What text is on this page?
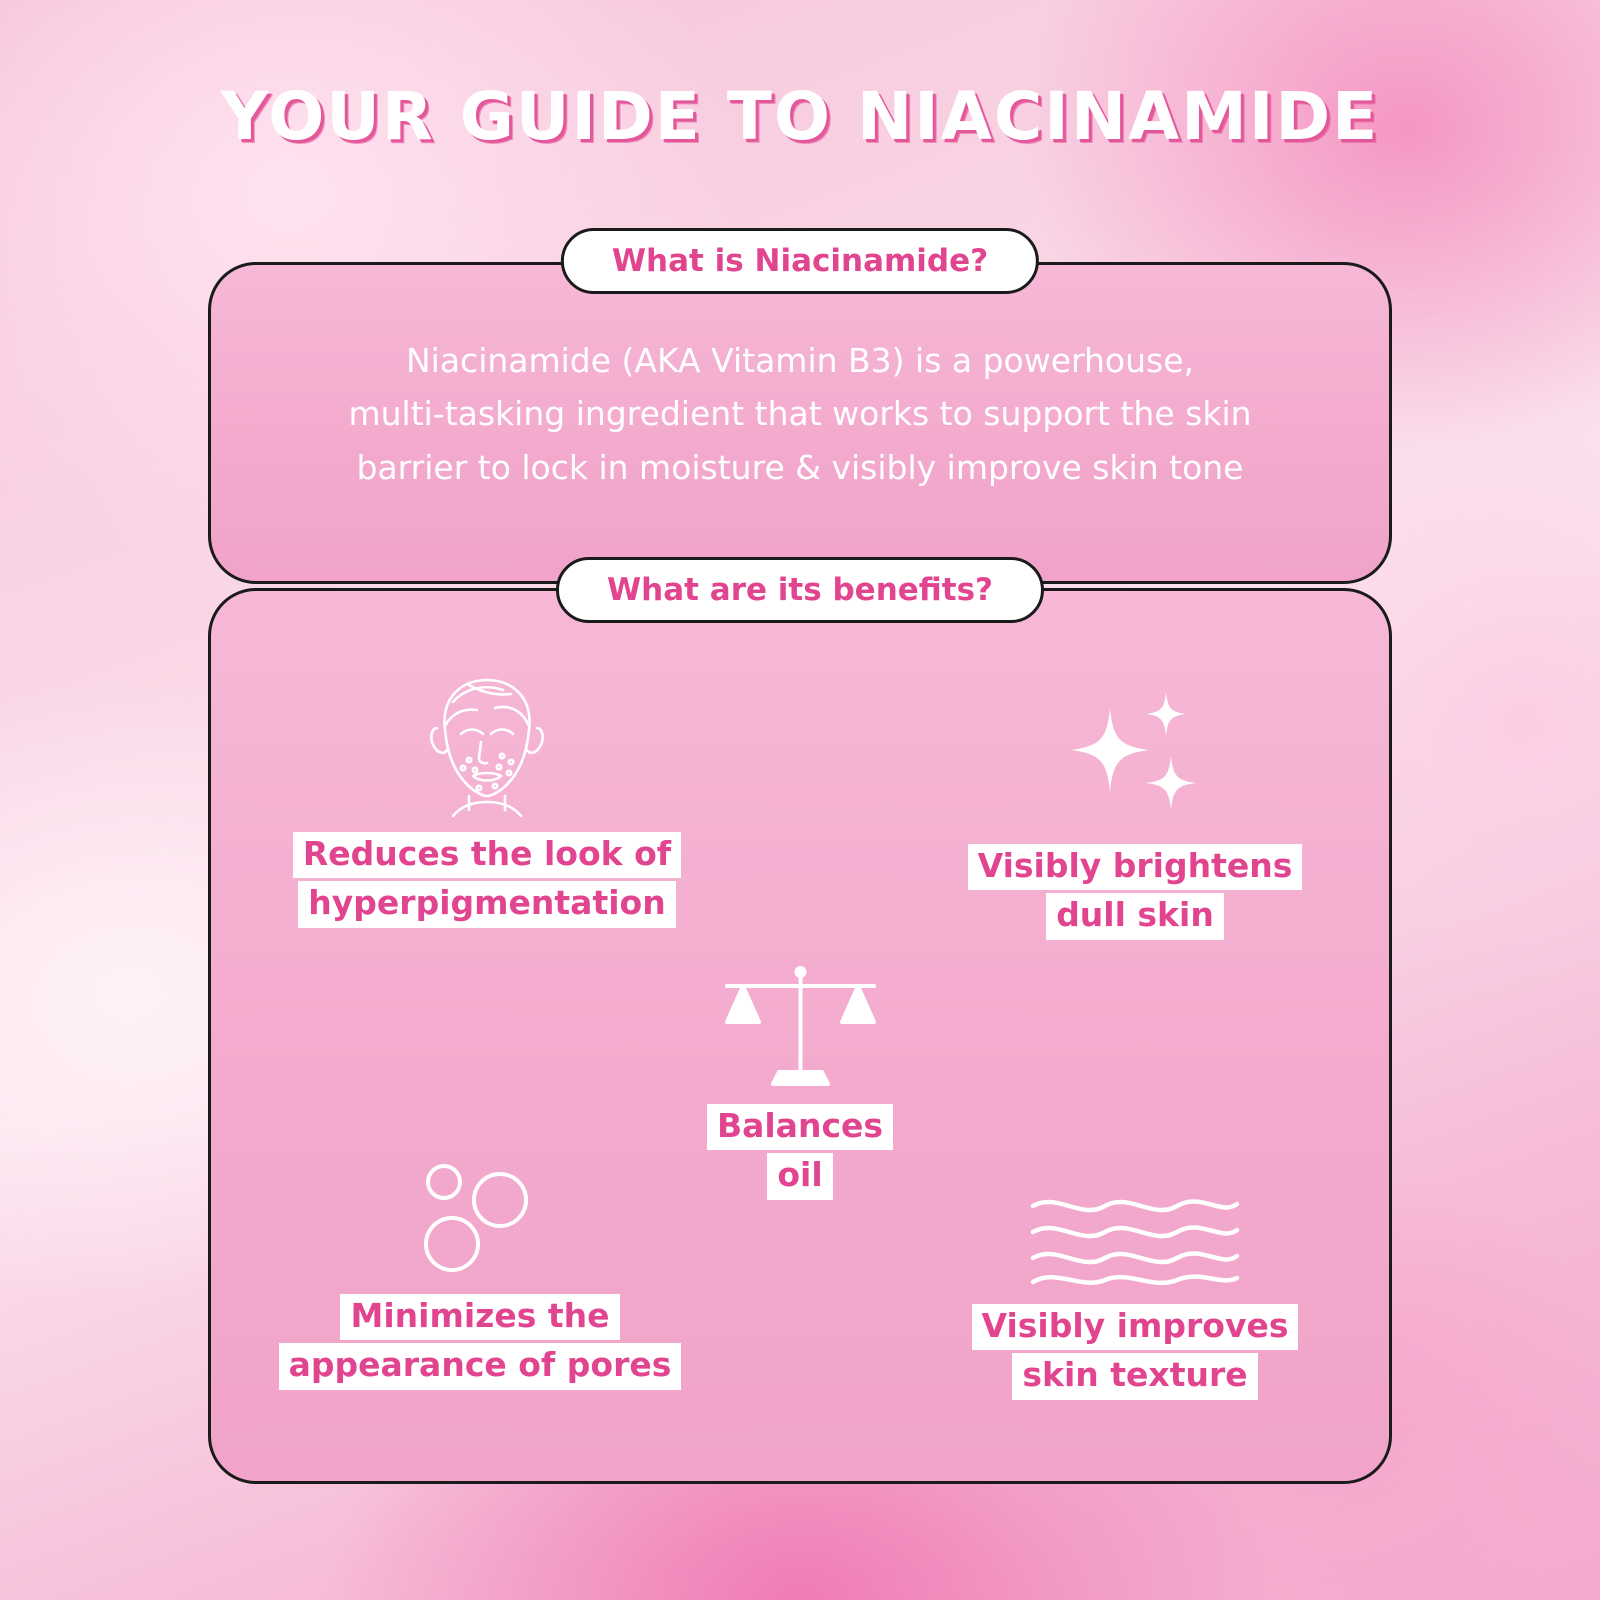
YOUR GUIDE TO NIACINAMIDE
What is Niacinamide?
Niacinamide (AKA Vitamin B3) is a powerhouse,
multi-tasking ingredient that works to support the skin
barrier to lock in moisture & visibly improve skin tone
What are its benefits?
Reduces the look of
hyperpigmentation
Visibly brightens
dull skin
Balances
oil
Minimizes the
appearance of pores
Visibly improves
skin texture
